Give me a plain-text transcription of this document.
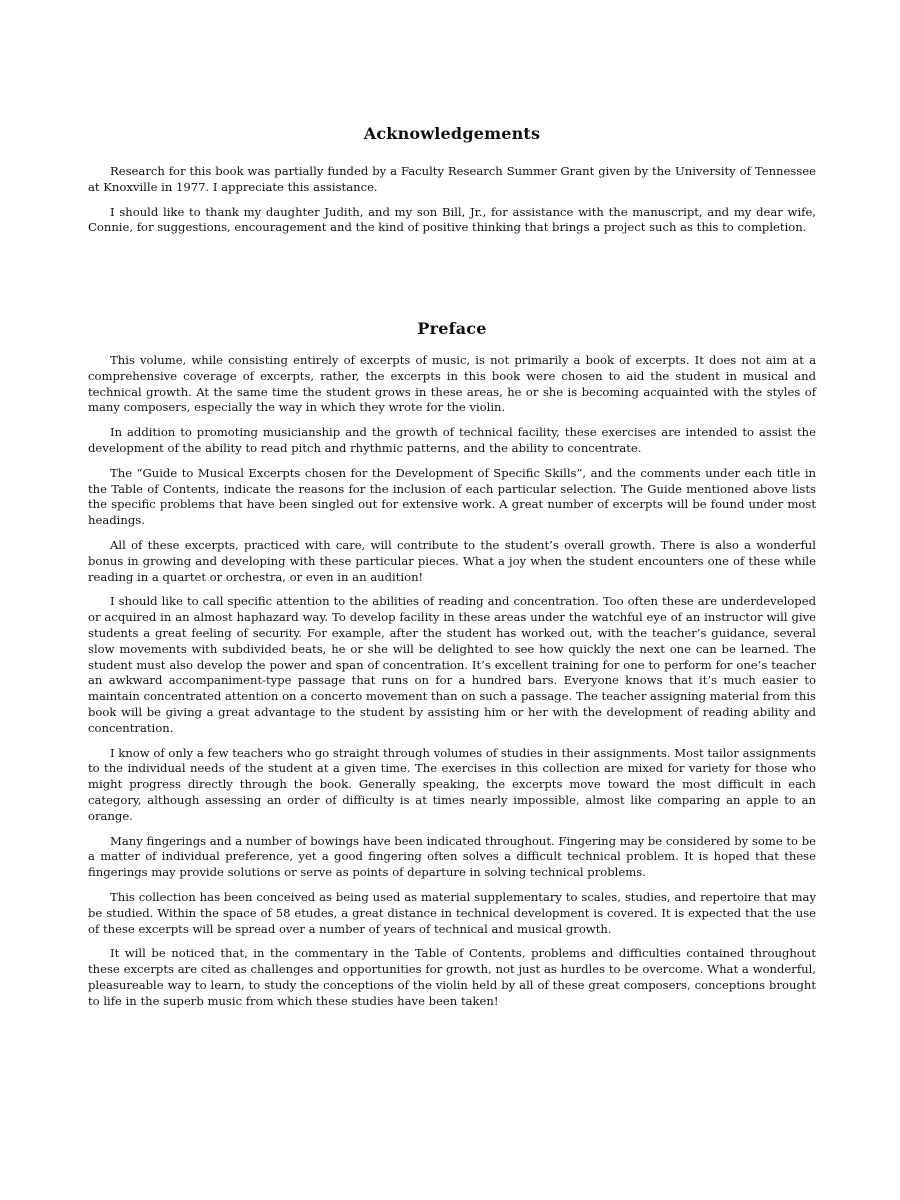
Acknowledgements

Research for this book was partially funded by a Faculty Research Summer Grant given by the University of Tennessee at Knoxville in 1977. I appreciate this assistance.

I should like to thank my daughter Judith, and my son Bill, Jr., for assistance with the manuscript, and my dear wife, Connie, for suggestions, encouragement and the kind of positive thinking that brings a project such as this to completion.

Preface

This volume, while consisting entirely of excerpts of music, is not primarily a book of excerpts. It does not aim at a comprehensive coverage of excerpts, rather, the excerpts in this book were chosen to aid the student in musical and technical growth. At the same time the student grows in these areas, he or she is becoming acquainted with the styles of many composers, especially the way in which they wrote for the violin.

In addition to promoting musicianship and the growth of technical facility, these exercises are intended to assist the development of the ability to read pitch and rhythmic patterns, and the ability to concentrate.

The “Guide to Musical Excerpts chosen for the Development of Specific Skills”, and the comments under each title in the Table of Contents, indicate the reasons for the inclusion of each particular selection. The Guide mentioned above lists the specific problems that have been singled out for extensive work. A great number of excerpts will be found under most headings.

All of these excerpts, practiced with care, will contribute to the student’s overall growth. There is also a wonderful bonus in growing and developing with these particular pieces. What a joy when the student encounters one of these while reading in a quartet or orchestra, or even in an audition!

I should like to call specific attention to the abilities of reading and concentration. Too often these are underdeveloped or acquired in an almost haphazard way. To develop facility in these areas under the watchful eye of an instructor will give students a great feeling of security. For example, after the student has worked out, with the teacher’s guidance, several slow movements with subdivided beats, he or she will be delighted to see how quickly the next one can be learned. The student must also develop the power and span of concentration. It’s excellent training for one to perform for one’s teacher an awkward accompaniment-type passage that runs on for a hundred bars. Everyone knows that it’s much easier to maintain concentrated attention on a concerto movement than on such a passage. The teacher assigning material from this book will be giving a great advantage to the student by assisting him or her with the development of reading ability and concentration.

I know of only a few teachers who go straight through volumes of studies in their assignments. Most tailor assignments to the individual needs of the student at a given time. The exercises in this collection are mixed for variety for those who might progress directly through the book. Generally speaking, the excerpts move toward the most difficult in each category, although assessing an order of difficulty is at times nearly impossible, almost like comparing an apple to an orange.

Many fingerings and a number of bowings have been indicated throughout. Fingering may be considered by some to be a matter of individual preference, yet a good fingering often solves a difficult technical problem. It is hoped that these fingerings may provide solutions or serve as points of departure in solving technical problems.

This collection has been conceived as being used as material supplementary to scales, studies, and repertoire that may be studied. Within the space of 58 etudes, a great distance in technical development is covered. It is expected that the use of these excerpts will be spread over a number of years of technical and musical growth.

It will be noticed that, in the commentary in the Table of Contents, problems and difficulties contained throughout these excerpts are cited as challenges and opportunities for growth, not just as hurdles to be overcome. What a wonderful, pleasureable way to learn, to study the conceptions of the violin held by all of these great composers, conceptions brought to life in the superb music from which these studies have been taken!
